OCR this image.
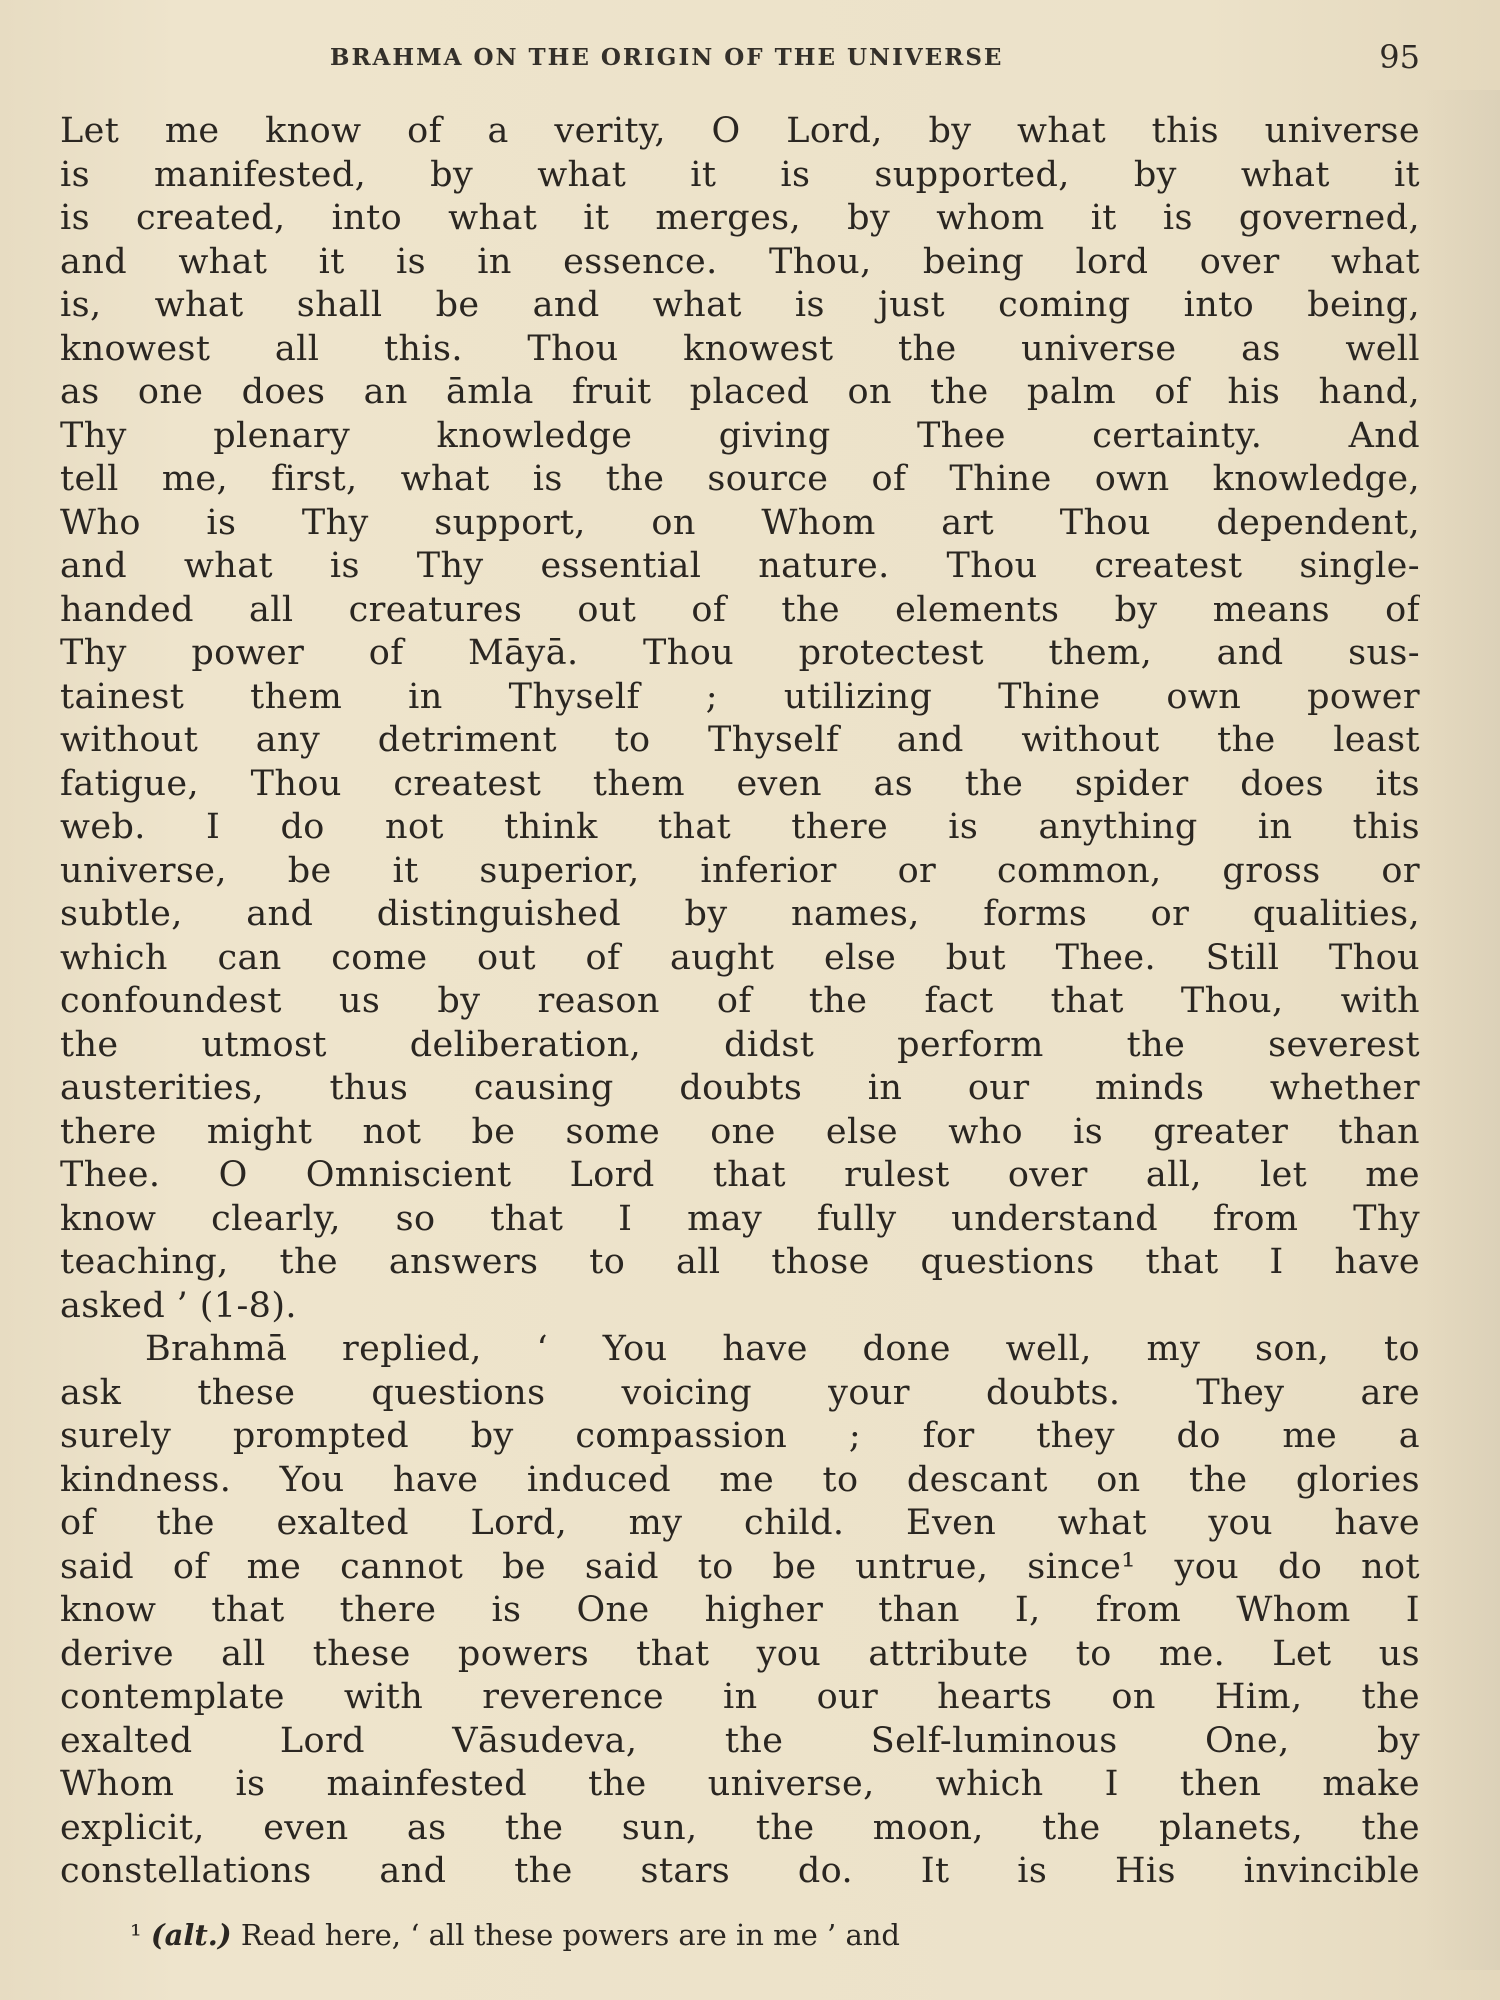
BRAHMA ON THE ORIGIN OF THE UNIVERSE	95
Let me know of a verity, O Lord, by what this universe
is manifested, by what it is supported, by what it
is created, into what it merges, by whom it is governed,
and what it is in essence. Thou, being lord over what
is, what shall be and what is just coming into being,
knowest all this. Thou knowest the universe as well
as one does an āmla fruit placed on the palm of his hand,
Thy plenary knowledge giving Thee certainty. And
tell me, first, what is the source of Thine own knowledge,
Who is Thy support, on Whom art Thou dependent,
and what is Thy essential nature. Thou createst single-
handed all creatures out of the elements by means of
Thy power of Māyā. Thou protectest them, and sus-
tainest them in Thyself ; utilizing Thine own power
without any detriment to Thyself and without the least
fatigue, Thou createst them even as the spider does its
web. I do not think that there is anything in this
universe, be it superior, inferior or common, gross or
subtle, and distinguished by names, forms or qualities,
which can come out of aught else but Thee. Still Thou
confoundest us by reason of the fact that Thou, with
the utmost deliberation, didst perform the severest
austerities, thus causing doubts in our minds whether
there might not be some one else who is greater than
Thee. O Omniscient Lord that rulest over all, let me
know clearly, so that I may fully understand from Thy
teaching, the answers to all those questions that I have
asked ’ (1-8).
Brahmā replied, ‘ You have done well, my son, to
ask these questions voicing your doubts. They are
surely prompted by compassion ; for they do me a
kindness. You have induced me to descant on the glories
of the exalted Lord, my child. Even what you have
said of me cannot be said to be untrue, since¹ you do not
know that there is One higher than I, from Whom I
derive all these powers that you attribute to me. Let us
contemplate with reverence in our hearts on Him, the
exalted Lord Vāsudeva, the Self-luminous One, by
Whom is mainfested the universe, which I then make
explicit, even as the sun, the moon, the planets, the
constellations and the stars do. It is His invincible
¹ (alt.) Read here, ‘ all these powers are in me ’ and
